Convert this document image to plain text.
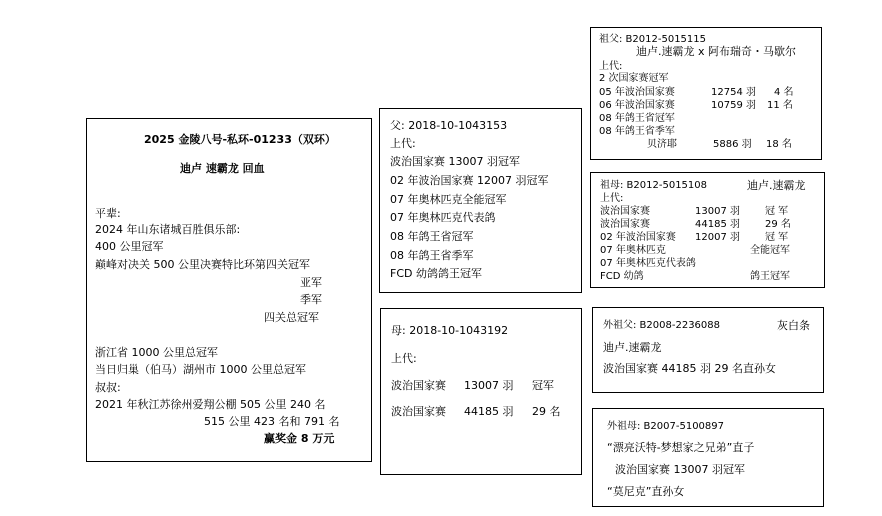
2025 金陵八号-私环-01233（双环）
迪卢 速霸龙 回血
平辈:
2024 年山东诸城百胜俱乐部:
400 公里冠军
巅峰对决关 500 公里决赛特比环第四关冠军
亚军
季军
四关总冠军
浙江省 1000 公里总冠军
当日归巢（伯马）湖州市 1000 公里总冠军
叔叔:
2021 年秋江苏徐州爱翔公棚 505 公里 240 名
515 公里 423 名和 791 名
赢奖金 8 万元
父: 2018-10-1043153
上代:
波治国家赛 13007 羽冠军
02 年波治国家赛 12007 羽冠军
07 年奥林匹克全能冠军
07 年奥林匹克代表鸽
08 年鸽王省冠军
08 年鸽王省季军
FCD 幼鸽鸽王冠军
母: 2018-10-1043192
上代:
波治国家赛 13007 羽 冠军
波治国家赛 44185 羽 29 名
祖父: B2012-5015115
迪卢.速霸龙 x 阿布瑞奇・马歇尔
上代:
2 次国家赛冠军
05 年波治国家赛	12754 羽 4 名
06 年波治国家赛	10759 羽 11 名
08 年鸽王省冠军
08 年鸽王省季军
贝济耶	5886 羽 18 名
祖母: B2012-5015108	迪卢.速霸龙
上代:
波治国家赛	13007 羽	冠 军
波治国家赛	44185 羽	29 名
02 年波治国家赛 12007 羽	冠 军
07 年奥林匹克	全能冠军
07 年奥林匹克代表鸽
FCD 幼鸽	鸽王冠军
外祖父: B2008-2236088	灰白条
迪卢.速霸龙
波治国家赛 44185 羽 29 名直孙女
外祖母: B2007-5100897
“漂亮沃特-梦想家之兄弟”直子
波治国家赛 13007 羽冠军
“莫尼克”直孙女
